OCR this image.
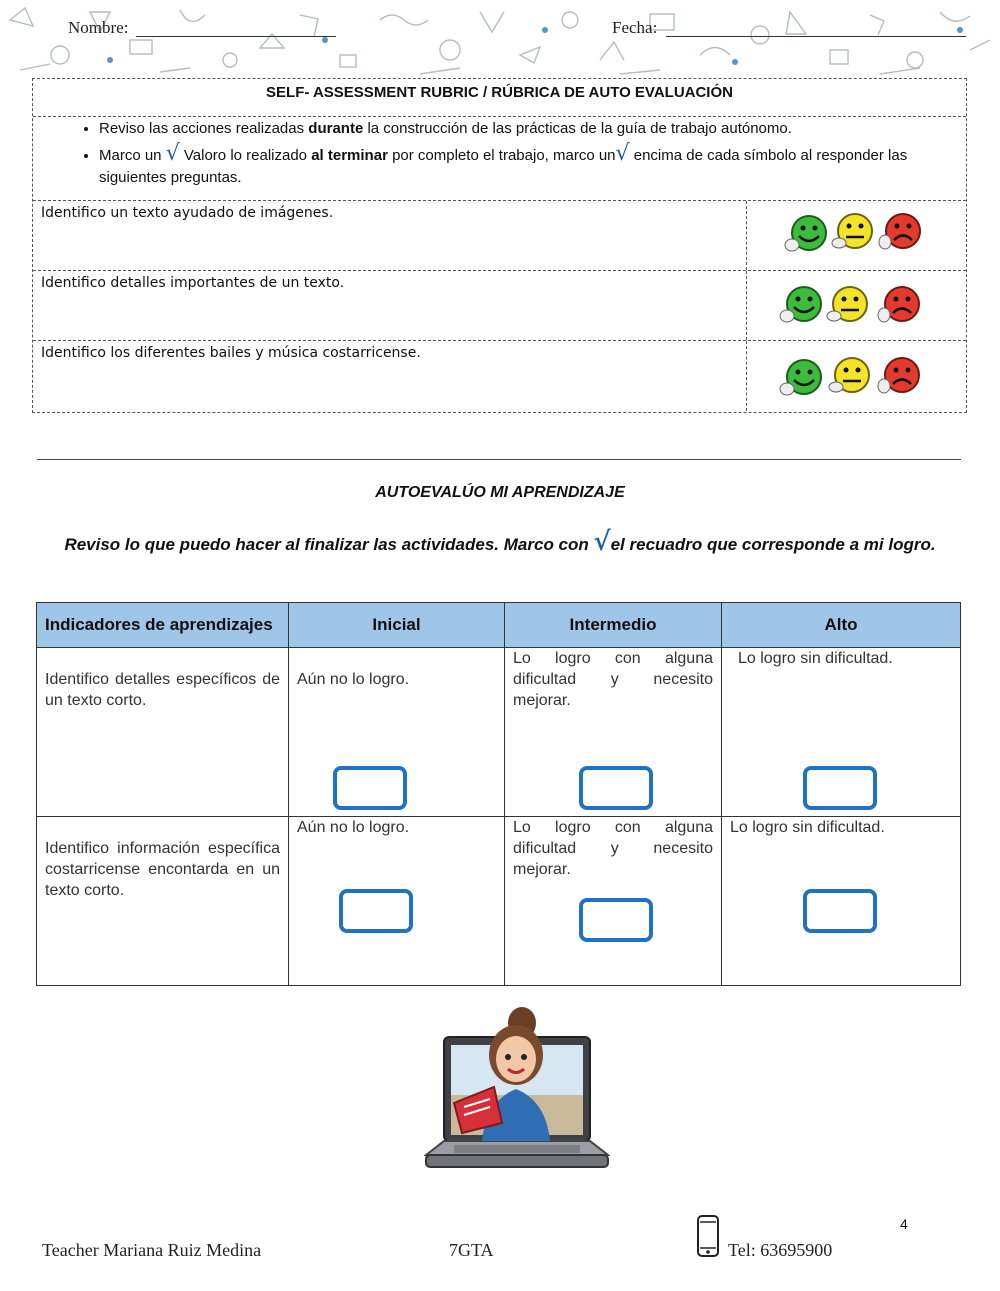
Nombre:	Fecha:
SELF- ASSESSMENT RUBRIC / RÚBRICA DE AUTO EVALUACIÓN
• Reviso las acciones realizadas durante la construcción de las prácticas de la guía de trabajo autónomo.
• Marco un √ Valoro lo realizado al terminar por completo el trabajo, marco un√ encima de cada símbolo al responder las siguientes preguntas.
Identifico un texto ayudado de imágenes.
Identifico detalles importantes de un texto.
Identifico los diferentes bailes y música costarricense.
AUTOEVALÚO MI APRENDIZAJE
Reviso lo que puedo hacer al finalizar las actividades. Marco con √el recuadro que corresponde a mi logro.
Indicadores de aprendizajes	Inicial	Intermedio	Alto

Identifico detalles específicos de un texto corto.	Aún no lo logro.	Lo logro con alguna dificultad y necesito mejorar.	Lo logro sin dificultad.

Identifico información específica costarricense encontarda en un texto corto.	Aún no lo logro.	Lo logro con alguna dificultad y necesito mejorar.	Lo logro sin dificultad.
4
Teacher Mariana Ruiz Medina	7GTA	Tel: 63695900
